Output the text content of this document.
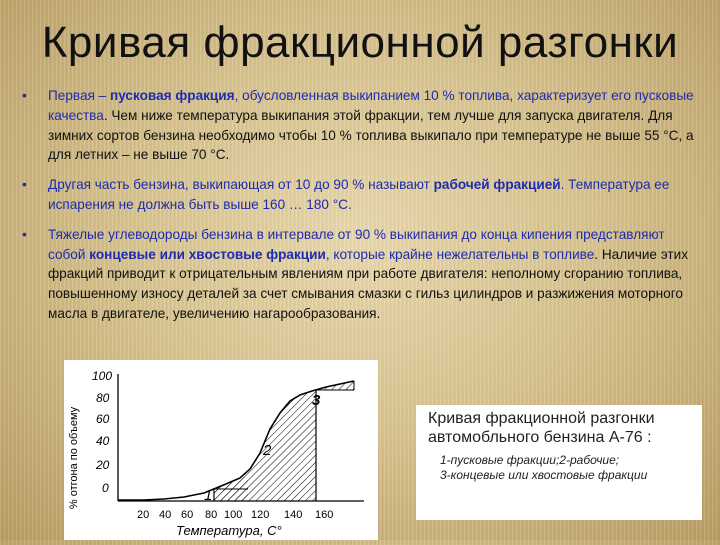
Кривая фракционной разгонки
• Первая – пусковая фракция, обусловленная выкипанием 10 % топлива, характеризует его пусковые качества. Чем ниже температура выкипания этой фракции, тем лучше для запуска двигателя. Для зимних сортов бензина необходимо чтобы 10 % топлива выкипало при температуре не выше 55 °С, а для летних – не выше 70 °С.
• Другая часть бензина, выкипающая от 10 до 90 % называют рабочей фракцией. Температура ее испарения не должна быть выше 160 … 180 °С.
• Тяжелые углеводороды бензина в интервале от 90 % выкипания до конца кипения представляют собой концевые или хвостовые фракции, которые крайне нежелательны в топливе. Наличие этих фракций приводит к отрицательным явлениям при работе двигателя: неполному сгоранию топлива, повышенному износу деталей за счет смывания смазки с гильз цилиндров и разжижения моторного масла в двигателе, увеличению нагарообразования.
% отгона по объему
100
80
60
40
20
0	1
2
3
20 40 60 80 100 120 140 160
Температура, С°
Кривая фракционной разгонки
автомобльного бензина А-76 :
1-пусковые фракции;2-рабочие;
3-концевые или хвостовые фракции
